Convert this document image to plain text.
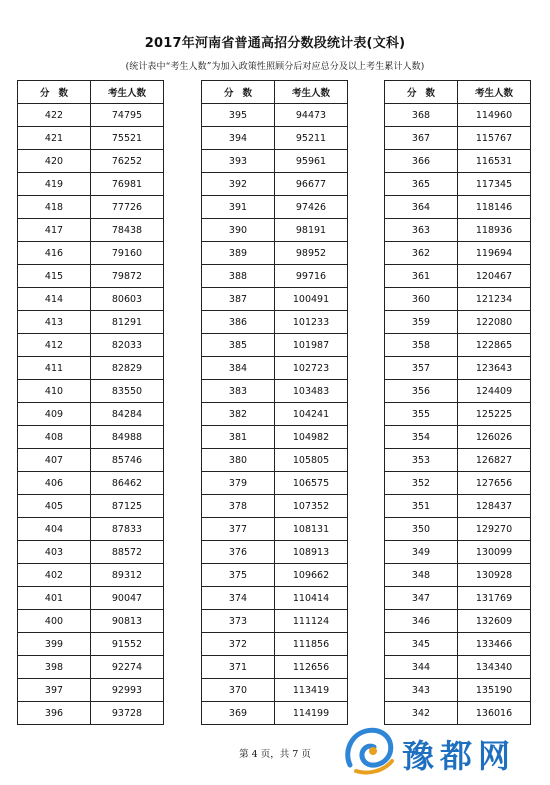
2017年河南省普通高招分数段统计表(文科)
( 统计表中“考生人数”为加入政策性照顾分后对应总分及以上考生累计人数 )
分数	考生人数
422	74795
421	75521
420	76252
419	76981
418	77726
417	78438
416	79160
415	79872
414	80603
413	81291
412	82033
411	82829
410	83550
409	84284
408	84988
407	85746
406	86462
405	87125
404	87833
403	88572
402	89312
401	90047
400	90813
399	91552
398	92274
397	92993
396	93728
分数	考生人数
395	94473
394	95211
393	95961
392	96677
391	97426
390	98191
389	98952
388	99716
387	100491
386	101233
385	101987
384	102723
383	103483
382	104241
381	104982
380	105805
379	106575
378	107352
377	108131
376	108913
375	109662
374	110414
373	111124
372	111856
371	112656
370	113419
369	114199
分数	考生人数
368	114960
367	115767
366	116531
365	117345
364	118146
363	118936
362	119694
361	120467
360	121234
359	122080
358	122865
357	123643
356	124409
355	125225
354	126026
353	126827
352	127656
351	128437
350	129270
349	130099
348	130928
347	131769
346	132609
345	133466
344	134340
343	135190
342	136016
第 4 页，共 7 页	豫都网
